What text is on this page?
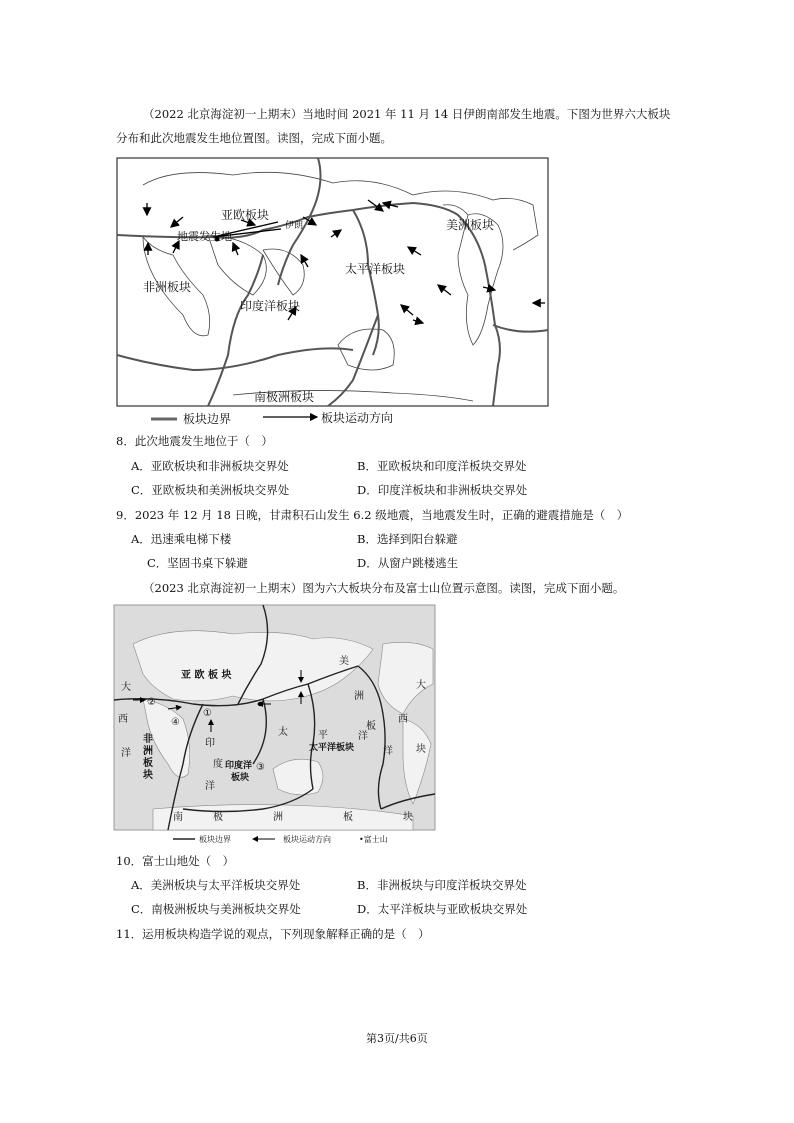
（2022 北京海淀初一上期末）当地时间 2021 年 11 月 14 日伊朗南部发生地震。下图为世界六大板块
分布和此次地震发生地位置图。读图，完成下面小题。
亚欧板块
伊朗
地震发生地
美洲板块
太平洋板块
非洲板块
印度洋板块
南极洲板块
板块边界	板块运动方向
8．此次地震发生地位于（　）
A．亚欧板块和非洲板块交界处	B．亚欧板块和印度洋板块交界处
C．亚欧板块和美洲板块交界处	D．印度洋板块和非洲板块交界处
9．2023 年 12 月 18 日晚，甘肃积石山发生 6.2 级地震，当地震发生时，正确的避震措施是（　）
A．迅速乘电梯下楼	B．选择到阳台躲避
C．坚固书桌下躲避	D．从窗户跳楼逃生
（2023 北京海淀初一上期末）图为六大板块分布及富士山位置示意图。读图，完成下面小题。
亚 欧 板 块
美
洲
板
块
大
西
洋
大
西
洋
非
洲
板
块
印
度
洋
太	平	洋
太平洋板块
印度洋
板块
①
②
③
④
南	极	洲	板	块
板块边界	板块运动方向	•富士山
10．富士山地处（　）
A．美洲板块与太平洋板块交界处	B．非洲板块与印度洋板块交界处
C．南极洲板块与美洲板块交界处	D．太平洋板块与亚欧板块交界处
11．运用板块构造学说的观点，下列现象解释正确的是（　）
第3页/共6页
